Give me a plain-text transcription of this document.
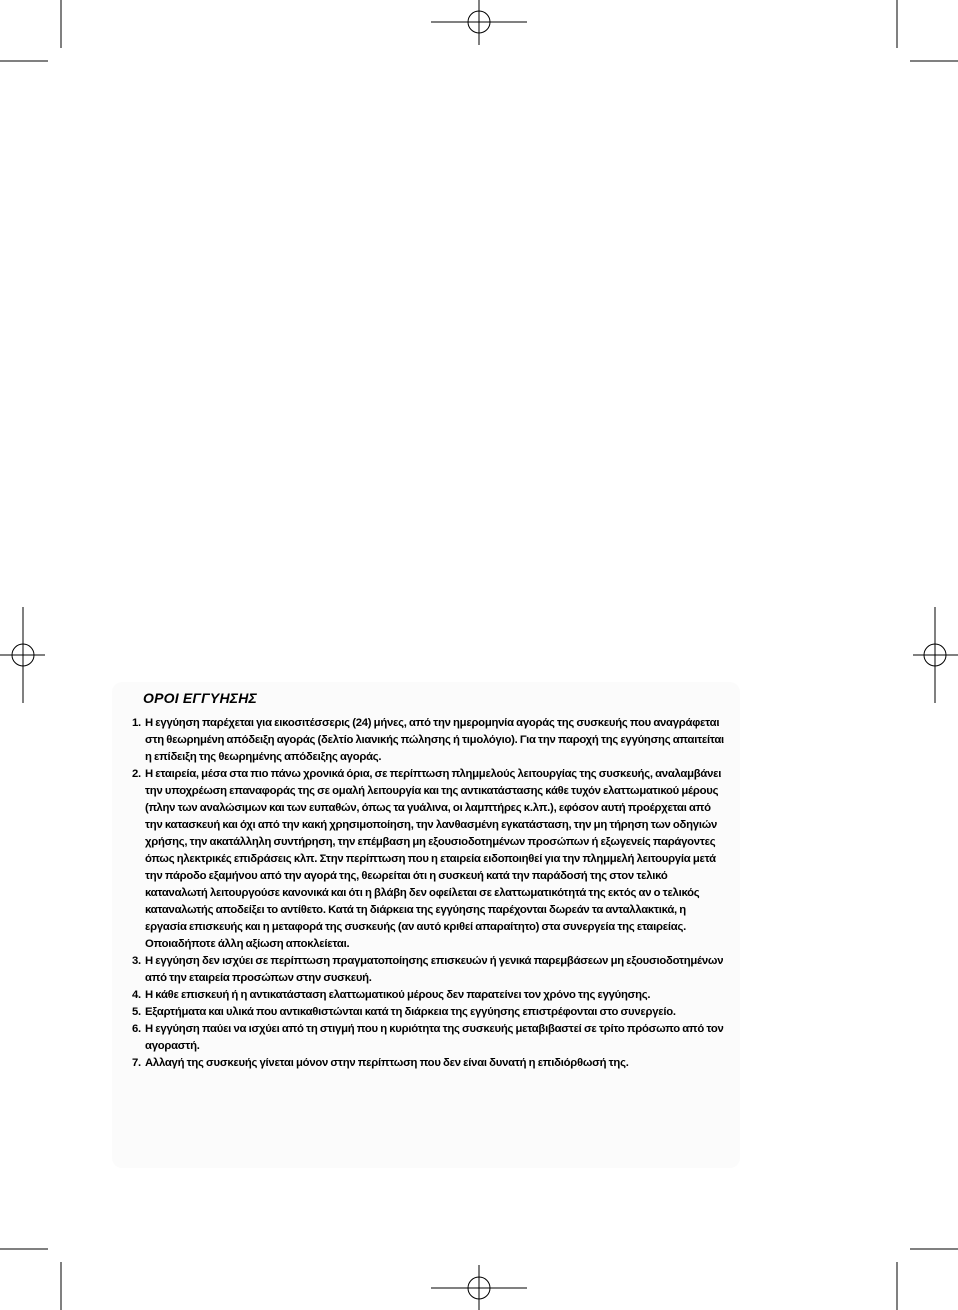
ΟΡΟΙ ΕΓΓΥΗΣΗΣ
1. Η εγγύηση παρέχεται για εικοσιτέσσερις (24) μήνες, από την ημερομηνία αγοράς της συσκευής που αναγράφεται στη θεωρημένη απόδειξη αγοράς (δελτίο λιανικής πώλησης ή τιμολόγιο). Για την παροχή της εγγύησης απαιτείται η επίδειξη της θεωρημένης απόδειξης αγοράς.
2. Η εταιρεία, μέσα στα πιο πάνω χρονικά όρια, σε περίπτωση πλημμελούς λειτουργίας της συσκευής, αναλαμβάνει την υποχρέωση επαναφοράς της σε ομαλή λειτουργία και της αντικατάστασης κάθε τυχόν ελαττωματικού μέρους (πλην των αναλώσιμων και των ευπαθών, όπως τα γυάλινα, οι λαμπτήρες κ.λπ.), εφόσον αυτή προέρχεται από την κατασκευή και όχι από την κακή χρησιμοποίηση, την λανθασμένη εγκατάσταση, την μη τήρηση των οδηγιών χρήσης, την ακατάλληλη συντήρηση, την επέμβαση μη εξουσιοδοτημένων προσώπων ή εξωγενείς παράγοντες όπως ηλεκτρικές επιδράσεις κλπ. Στην περίπτωση που η εταιρεία ειδοποιηθεί για την πλημμελή λειτουργία μετά την πάροδο εξαμήνου από την αγορά της, θεωρείται ότι η συσκευή κατά την παράδοσή της στον τελικό καταναλωτή λειτουργούσε κανονικά και ότι η βλάβη δεν οφείλεται σε ελαττωματικότητά της εκτός αν ο τελικός καταναλωτής αποδείξει το αντίθετο. Κατά τη διάρκεια της εγγύησης παρέχονται δωρεάν τα ανταλλακτικά, η εργασία επισκευής και η μεταφορά της συσκευής (αν αυτό κριθεί απαραίτητο) στα συνεργεία της εταιρείας. Οποιαδήποτε άλλη αξίωση αποκλείεται.
3. Η εγγύηση δεν ισχύει σε περίπτωση πραγματοποίησης επισκευών ή γενικά παρεμβάσεων μη εξουσιοδοτημένων από την εταιρεία προσώπων στην συσκευή.
4. Η κάθε επισκευή ή η αντικατάσταση ελαττωματικού μέρους δεν παρατείνει τον χρόνο της εγγύησης.
5. Εξαρτήματα και υλικά που αντικαθιστώνται κατά τη διάρκεια της εγγύησης επιστρέφονται στο συνεργείο.
6. Η εγγύηση παύει να ισχύει από τη στιγμή που η κυριότητα της συσκευής μεταβιβαστεί σε τρίτο πρόσωπο από τον αγοραστή.
7. Αλλαγή της συσκευής γίνεται μόνον στην περίπτωση που δεν είναι δυνατή η επιδιόρθωσή της.
